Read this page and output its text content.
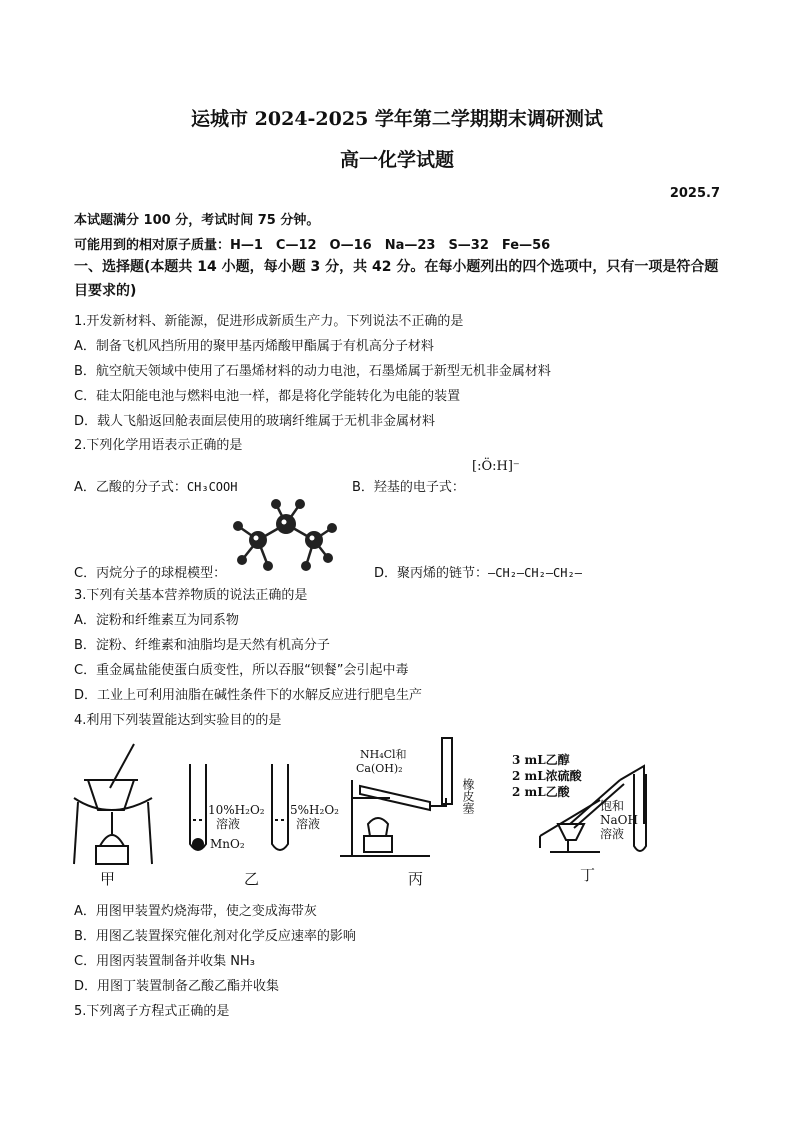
运城市 2024-2025 学年第二学期期末调研测试
高一化学试题
2025.7
本试题满分 100 分，考试时间 75 分钟。
可能用到的相对原子质量：H—1　C—12　O—16　Na—23　S—32　Fe—56
一、选择题(本题共 14 小题，每小题 3 分，共 42 分。在每小题列出的四个选项中，只有一项是符合题目要求的)
1.开发新材料、新能源，促进形成新质生产力。下列说法不正确的是
A．制备飞机风挡所用的聚甲基丙烯酸甲酯属于有机高分子材料
B．航空航天领域中使用了石墨烯材料的动力电池，石墨烯属于新型无机非金属材料
C．硅太阳能电池与燃料电池一样，都是将化学能转化为电能的装置
D．载人飞船返回舱表面层使用的玻璃纤维属于无机非金属材料
2.下列化学用语表示正确的是
A．乙酸的分子式：CH₃COOH	B．羟基的电子式：
[:Ö:H]⁻
C．丙烷分子的球棍模型：	D．聚丙烯的链节：—CH₂—CH₂—CH₂—
3.下列有关基本营养物质的说法正确的是
A．淀粉和纤维素互为同系物
B．淀粉、纤维素和油脂均是天然有机高分子
C．重金属盐能使蛋白质变性，所以吞服“钡餐”会引起中毒
D．工业上可利用油脂在碱性条件下的水解反应进行肥皂生产
4.利用下列装置能达到实验目的的是
10%H₂O₂
溶液
MnO₂
5%H₂O₂
溶液
NH₄Cl和
Ca(OH)₂
橡皮塞
3 mL乙醇
2 mL浓硫酸
2 mL乙酸
饱和
NaOH
溶液
甲	乙	丙	丁
A．用图甲装置灼烧海带，使之变成海带灰
B．用图乙装置探究催化剂对化学反应速率的影响
C．用图丙装置制备并收集 NH₃
D．用图丁装置制备乙酸乙酯并收集
5.下列离子方程式正确的是
